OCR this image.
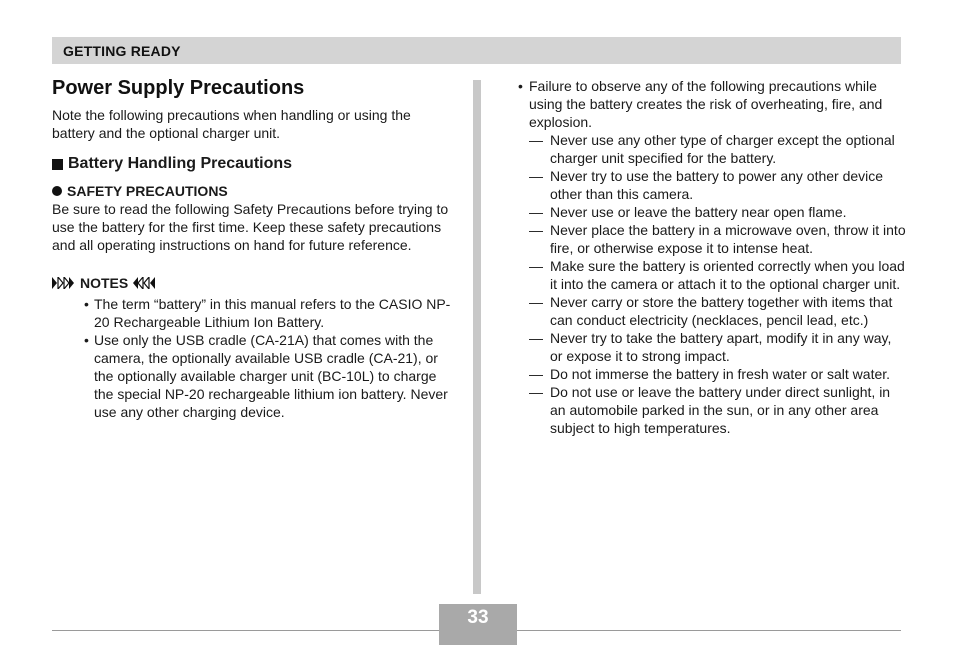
GETTING READY
Power Supply Precautions

Note the following precautions when handling or using the battery and the optional charger unit.

Battery Handling Precautions
SAFETY PRECAUTIONS

Be sure to read the following Safety Precautions before trying to use the battery for the first time. Keep these safety precautions and all operating instructions on hand for future reference.

NOTES
• The term “battery” in this manual refers to the CASIO NP-20 Rechargeable Lithium Ion Battery.
• Use only the USB cradle (CA-21A) that comes with the camera, the optionally available USB cradle (CA-21), or the optionally available charger unit (BC-10L) to charge the special NP-20 rechargeable lithium ion battery. Never use any other charging device.
• Failure to observe any of the following precautions while using the battery creates the risk of overheating, fire, and explosion.
— Never use any other type of charger except the optional charger unit specified for the battery.
— Never try to use the battery to power any other device other than this camera.
— Never use or leave the battery near open flame.
— Never place the battery in a microwave oven, throw it into fire, or otherwise expose it to intense heat.
— Make sure the battery is oriented correctly when you load it into the camera or attach it to the optional charger unit.
— Never carry or store the battery together with items that can conduct electricity (necklaces, pencil lead, etc.)
— Never try to take the battery apart, modify it in any way, or expose it to strong impact.
— Do not immerse the battery in fresh water or salt water.
— Do not use or leave the battery under direct sunlight, in an automobile parked in the sun, or in any other area subject to high temperatures.
33
